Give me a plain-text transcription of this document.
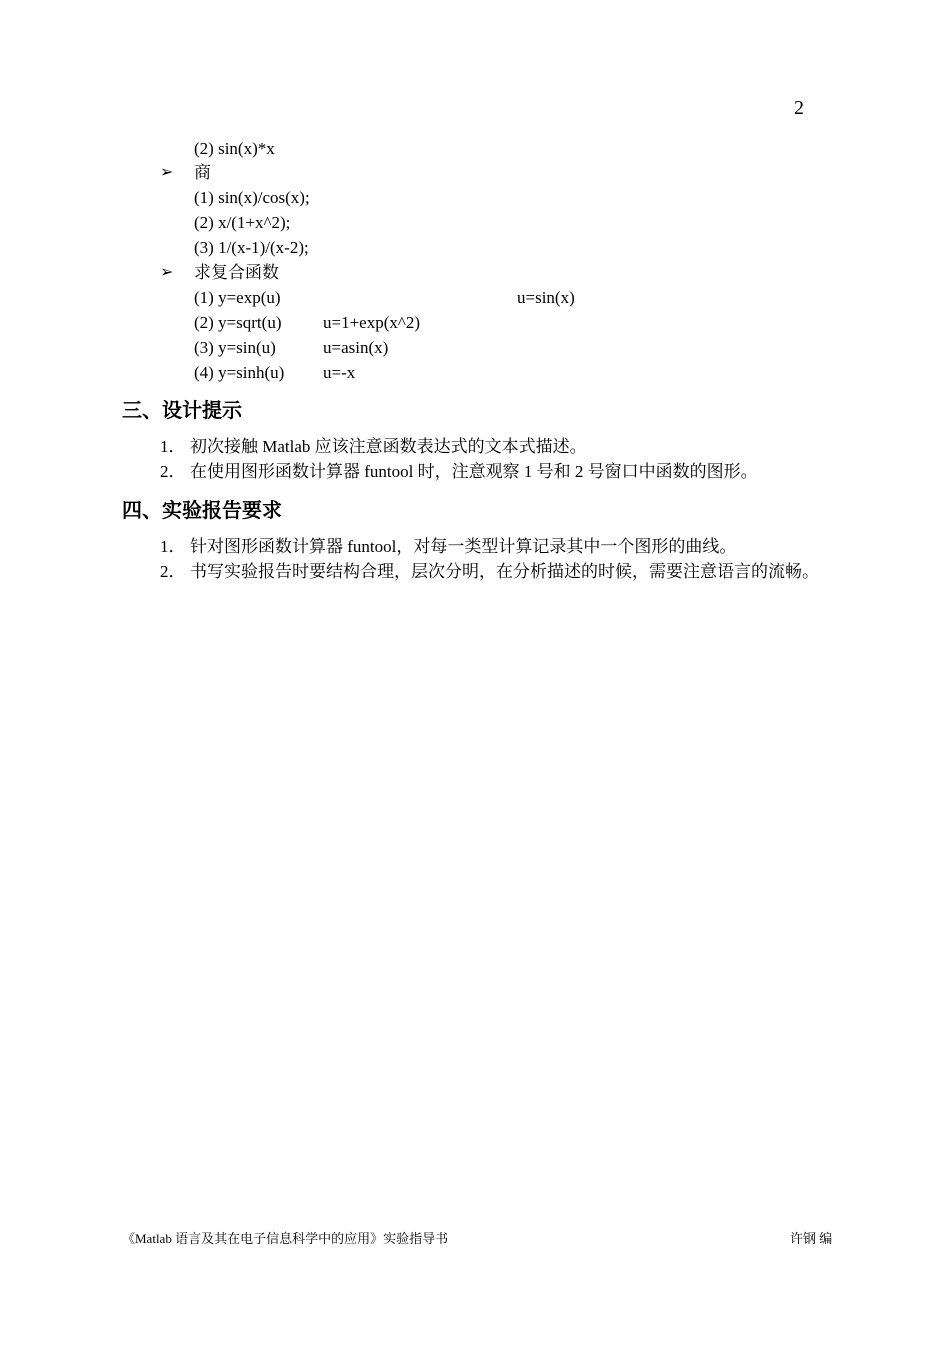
2
(2) sin(x)*x
➢ 商
(1) sin(x)/cos(x);
(2) x/(1+x^2);
(3) 1/(x-1)/(x-2);
➢ 求复合函数
(1) y=exp(u)	u=sin(x)
(2) y=sqrt(u) u=1+exp(x^2)
(3) y=sin(u)	u=asin(x)
(4) y=sinh(u) u=-x
三、设计提示
1． 初次接触 Matlab 应该注意函数表达式的文本式描述。
2． 在使用图形函数计算器 funtool 时，注意观察 1 号和 2 号窗口中函数的图形。
四、实验报告要求
1． 针对图形函数计算器 funtool，对每一类型计算记录其中一个图形的曲线。
2． 书写实验报告时要结构合理，层次分明，在分析描述的时候，需要注意语言的流畅。
《Matlab 语言及其在电子信息科学中的应用》实验指导书	许钢 编
